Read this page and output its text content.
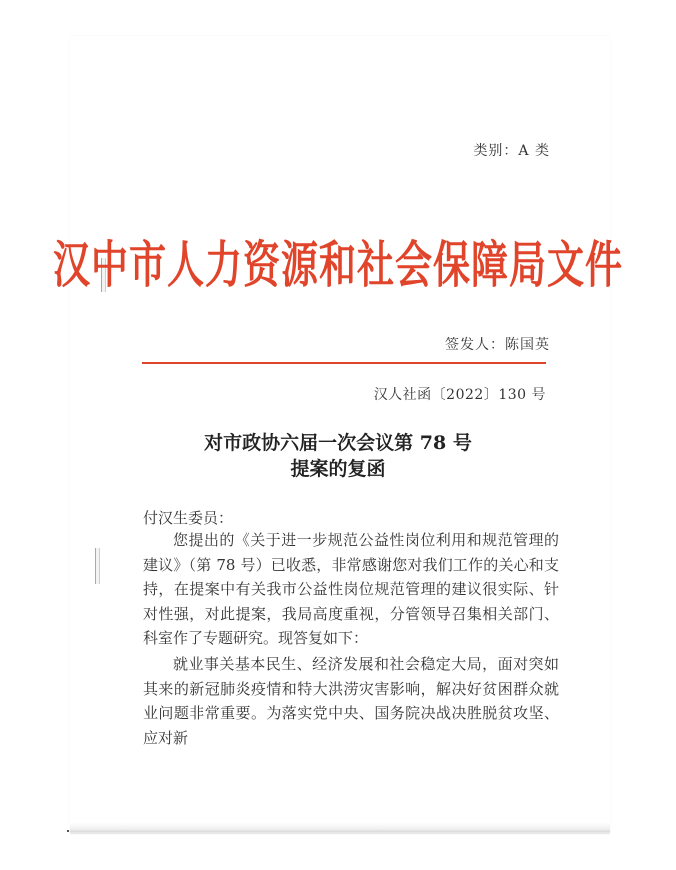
类别：A 类
汉中市人力资源和社会保障局文件
签发人：陈国英
汉人社函〔2022〕130 号
对市政协六届一次会议第 78 号
提案的复函
付汉生委员：
您提出的《关于进一步规范公益性岗位利用和规范管理的建议》（第 78 号）已收悉，非常感谢您对我们工作的关心和支持，在提案中有关我市公益性岗位规范管理的建议很实际、针对性强，对此提案，我局高度重视，分管领导召集相关部门、科室作了专题研究。现答复如下：
就业事关基本民生、经济发展和社会稳定大局，面对突如其来的新冠肺炎疫情和特大洪涝灾害影响，解决好贫困群众就业问题非常重要。为落实党中央、国务院决战决胜脱贫攻坚、应对新
